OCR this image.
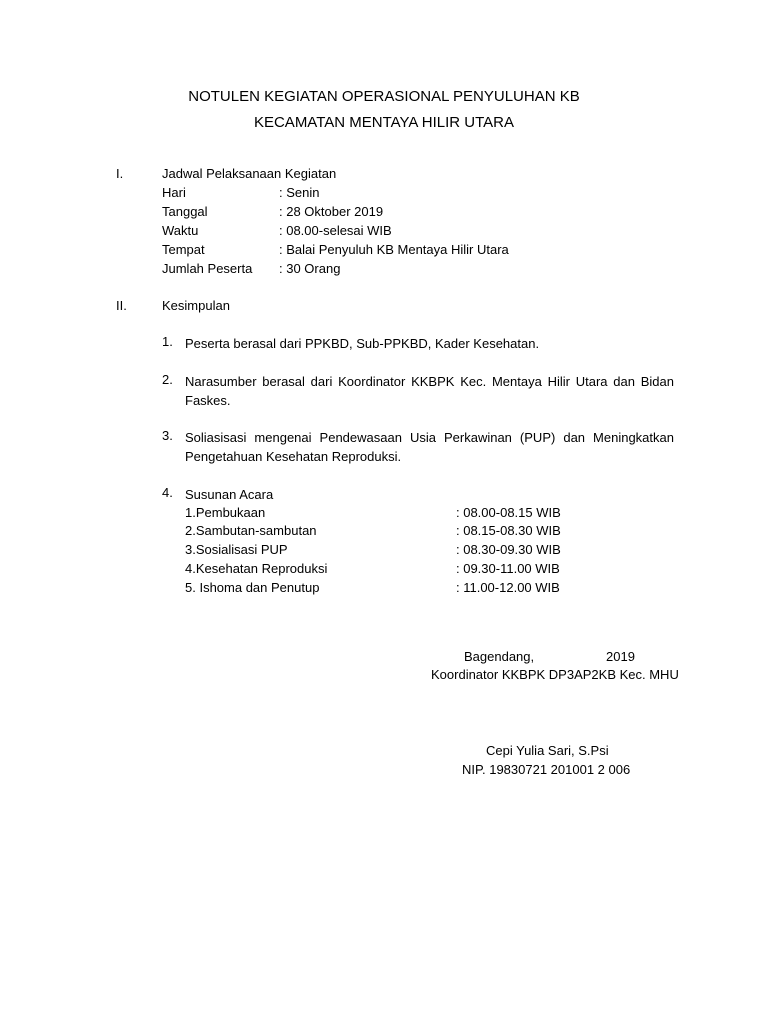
NOTULEN KEGIATAN OPERASIONAL PENYULUHAN KB
KECAMATAN MENTAYA HILIR UTARA
I.	Jadwal Pelaksanaan Kegiatan
Hari	: Senin
Tanggal	: 28 Oktober 2019
Waktu	: 08.00-selesai WIB
Tempat	: Balai Penyuluh KB Mentaya Hilir Utara
Jumlah Peserta : 30 Orang
II.	Kesimpulan
1. Peserta berasal dari PPKBD, Sub-PPKBD, Kader Kesehatan.
2. Narasumber berasal dari Koordinator KKBPK Kec. Mentaya Hilir Utara dan Bidan
Faskes.
3. Soliasisasi mengenai Pendewasaan Usia Perkawinan (PUP) dan Meningkatkan
Pengetahuan Kesehatan Reproduksi.
4. Susunan Acara
1.Pembukaan	: 08.00-08.15 WIB
2.Sambutan-sambutan	: 08.15-08.30 WIB
3.Sosialisasi PUP	: 08.30-09.30 WIB
4.Kesehatan Reproduksi	: 09.30-11.00 WIB
5. Ishoma dan Penutup	: 11.00-12.00 WIB
Bagendang,	2019
Koordinator KKBPK DP3AP2KB Kec. MHU
Cepi Yulia Sari, S.Psi
NIP. 19830721 201001 2 006
